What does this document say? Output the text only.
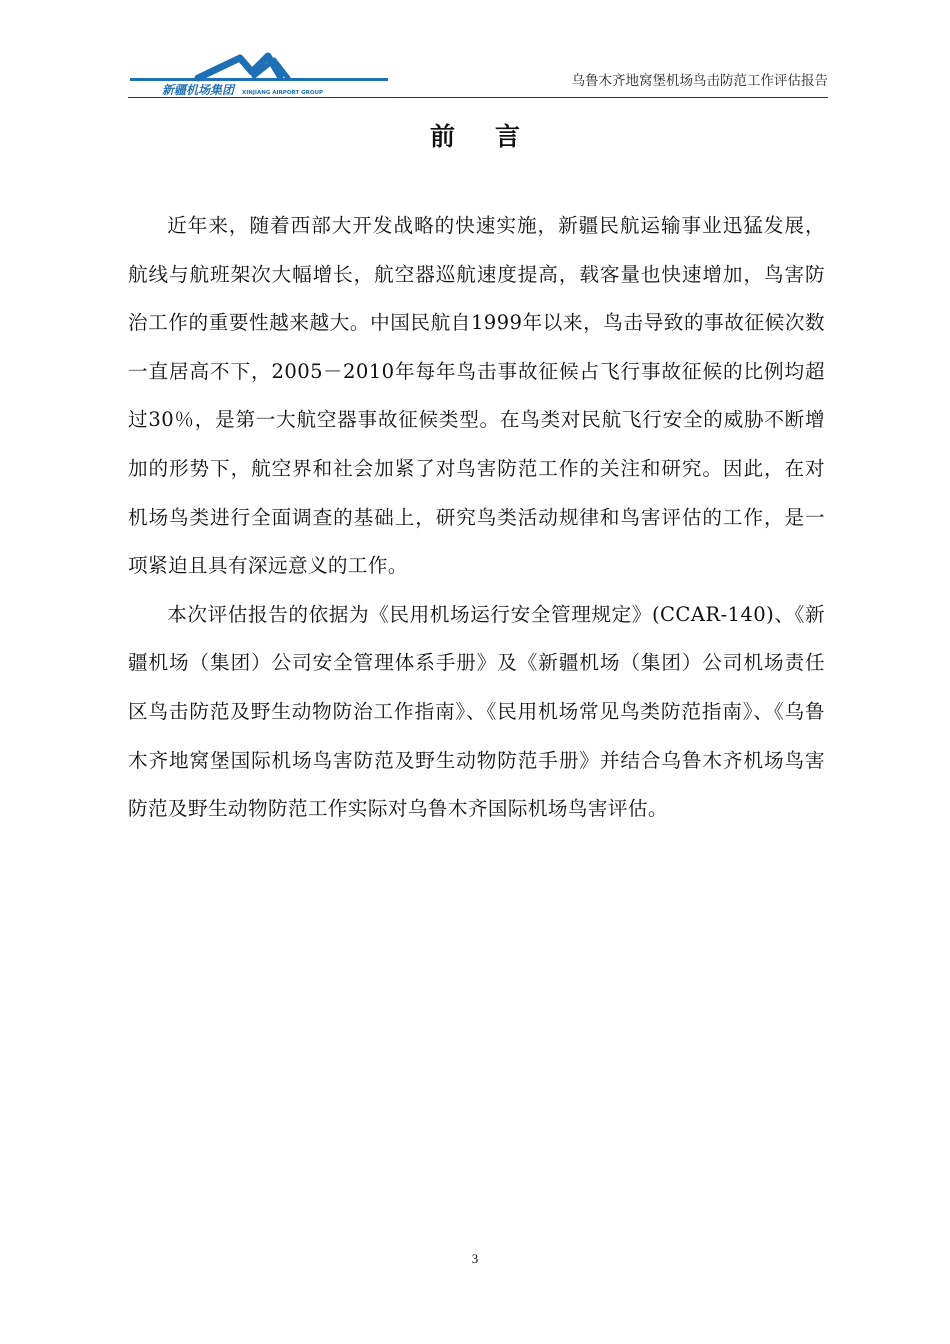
新疆机场集团	XINJIANG AIRPORT GROUP
乌鲁木齐地窝堡机场鸟击防范工作评估报告
前言

近年来，随着西部大开发战略的快速实施，新疆民航运输事业迅猛发展，航线与航班架次大幅增长，航空器巡航速度提高，载客量也快速增加，鸟害防治工作的重要性越来越大。中国民航自1999年以来，鸟击导致的事故征候次数一直居高不下，2005－2010年每年鸟击事故征候占飞行事故征候的比例均超过30％，是第一大航空器事故征候类型。在鸟类对民航飞行安全的威胁不断增加的形势下，航空界和社会加紧了对鸟害防范工作的关注和研究。因此，在对机场鸟类进行全面调查的基础上，研究鸟类活动规律和鸟害评估的工作，是一项紧迫且具有深远意义的工作。

本次评估报告的依据为《民用机场运行安全管理规定》(CCAR-140)、《新疆机场（集团）公司安全管理体系手册》及《新疆机场（集团）公司机场责任区鸟击防范及野生动物防治工作指南》、《民用机场常见鸟类防范指南》、《乌鲁木齐地窝堡国际机场鸟害防范及野生动物防范手册》并结合乌鲁木齐机场鸟害防范及野生动物防范工作实际对乌鲁木齐国际机场鸟害评估。

3
